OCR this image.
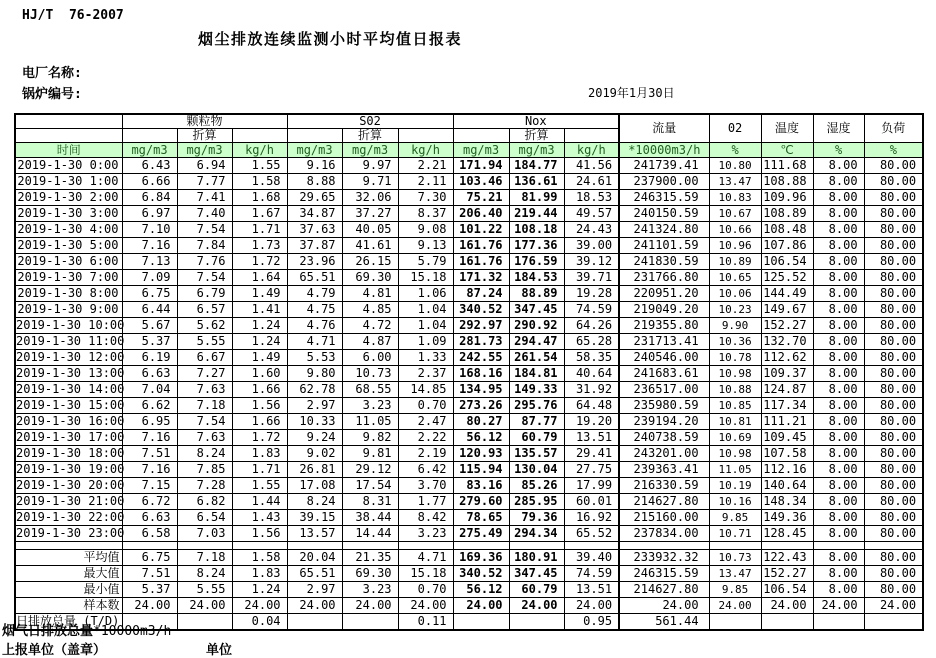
HJ/T  76-2007
烟尘排放连续监测小时平均值日报表
电厂名称:
锅炉编号:	2019年1月30日
	颗粒物			S02			Nox			流量	02	温度	湿度	负荷
		折算			折算			折算						
时间	mg/m3	mg/m3	kg/h	mg/m3	mg/m3	kg/h	mg/m3	mg/m3	kg/h	*10000m3/h	%	℃	%	%
2019-1-30 0:00	6.43	6.94	1.55	9.16	9.97	2.21	171.94	184.77	41.56	241739.41	10.80	111.68	8.00	80.00
2019-1-30 1:00	6.66	7.77	1.58	8.88	9.71	2.11	103.46	136.61	24.61	237900.00	13.47	108.88	8.00	80.00
2019-1-30 2:00	6.84	7.41	1.68	29.65	32.06	7.30	75.21	81.99	18.53	246315.59	10.83	109.96	8.00	80.00
2019-1-30 3:00	6.97	7.40	1.67	34.87	37.27	8.37	206.40	219.44	49.57	240150.59	10.67	108.89	8.00	80.00
2019-1-30 4:00	7.10	7.54	1.71	37.63	40.05	9.08	101.22	108.18	24.43	241324.80	10.66	108.48	8.00	80.00
2019-1-30 5:00	7.16	7.84	1.73	37.87	41.61	9.13	161.76	177.36	39.00	241101.59	10.96	107.86	8.00	80.00
2019-1-30 6:00	7.13	7.76	1.72	23.96	26.15	5.79	161.76	176.59	39.12	241830.59	10.89	106.54	8.00	80.00
2019-1-30 7:00	7.09	7.54	1.64	65.51	69.30	15.18	171.32	184.53	39.71	231766.80	10.65	125.52	8.00	80.00
2019-1-30 8:00	6.75	6.79	1.49	4.79	4.81	1.06	87.24	88.89	19.28	220951.20	10.06	144.49	8.00	80.00
2019-1-30 9:00	6.44	6.57	1.41	4.75	4.85	1.04	340.52	347.45	74.59	219049.20	10.23	149.67	8.00	80.00
2019-1-30 10:00	5.67	5.62	1.24	4.76	4.72	1.04	292.97	290.92	64.26	219355.80	9.90	152.27	8.00	80.00
2019-1-30 11:00	5.37	5.55	1.24	4.71	4.87	1.09	281.73	294.47	65.28	231713.41	10.36	132.70	8.00	80.00
2019-1-30 12:00	6.19	6.67	1.49	5.53	6.00	1.33	242.55	261.54	58.35	240546.00	10.78	112.62	8.00	80.00
2019-1-30 13:00	6.63	7.27	1.60	9.80	10.73	2.37	168.16	184.81	40.64	241683.61	10.98	109.37	8.00	80.00
2019-1-30 14:00	7.04	7.63	1.66	62.78	68.55	14.85	134.95	149.33	31.92	236517.00	10.88	124.87	8.00	80.00
2019-1-30 15:00	6.62	7.18	1.56	2.97	3.23	0.70	273.26	295.76	64.48	235980.59	10.85	117.34	8.00	80.00
2019-1-30 16:00	6.95	7.54	1.66	10.33	11.05	2.47	80.27	87.77	19.20	239194.20	10.81	111.21	8.00	80.00
2019-1-30 17:00	7.16	7.63	1.72	9.24	9.82	2.22	56.12	60.79	13.51	240738.59	10.69	109.45	8.00	80.00
2019-1-30 18:00	7.51	8.24	1.83	9.02	9.81	2.19	120.93	135.57	29.41	243201.00	10.98	107.58	8.00	80.00
2019-1-30 19:00	7.16	7.85	1.71	26.81	29.12	6.42	115.94	130.04	27.75	239363.41	11.05	112.16	8.00	80.00
2019-1-30 20:00	7.15	7.28	1.55	17.08	17.54	3.70	83.16	85.26	17.99	216330.59	10.19	140.64	8.00	80.00
2019-1-30 21:00	6.72	6.82	1.44	8.24	8.31	1.77	279.60	285.95	60.01	214627.80	10.16	148.34	8.00	80.00
2019-1-30 22:00	6.63	6.54	1.43	39.15	38.44	8.42	78.65	79.36	16.92	215160.00	9.85	149.36	8.00	80.00
2019-1-30 23:00	6.58	7.03	1.56	13.57	14.44	3.23	275.49	294.34	65.52	237834.00	10.71	128.45	8.00	80.00

平均值	6.75	7.18	1.58	20.04	21.35	4.71	169.36	180.91	39.40	233932.32	10.73	122.43	8.00	80.00
最大值	7.51	8.24	1.83	65.51	69.30	15.18	340.52	347.45	74.59	246315.59	13.47	152.27	8.00	80.00
最小值	5.37	5.55	1.24	2.97	3.23	0.70	56.12	60.79	13.51	214627.80	9.85	106.54	8.00	80.00
样本数	24.00	24.00	24.00	24.00	24.00	24.00	24.00	24.00	24.00	24.00	24.00	24.00	24.00	24.00
日排放总量 (T/D)			0.04			0.11			0.95	561.44				
烟气日排放总量*10000m3/h
上报单位（盖章）	单位
